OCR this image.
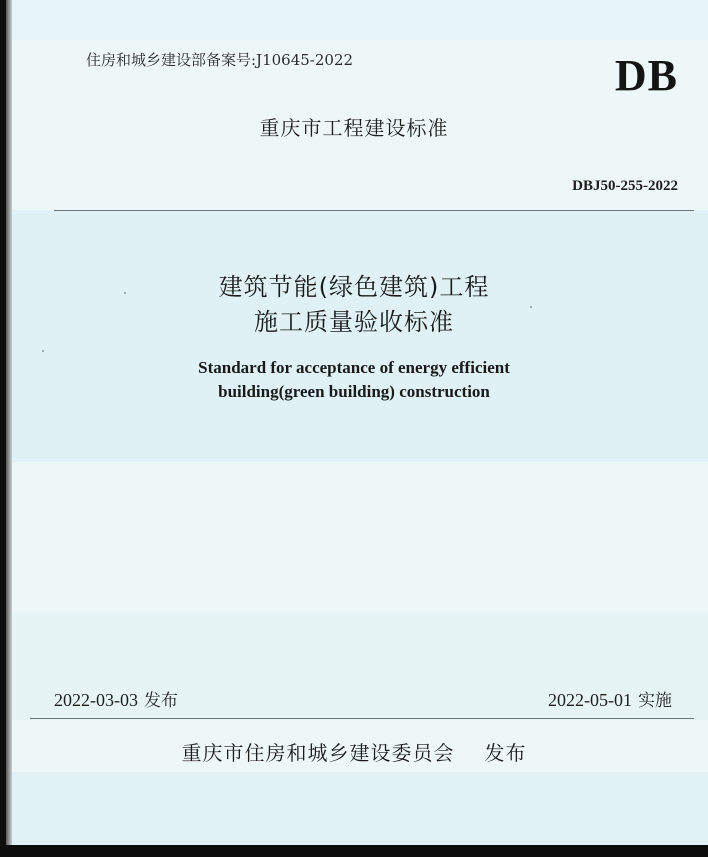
住房和城乡建设部备案号:J10645-2022	DB
重庆市工程建设标准
DBJ50-255-2022
建筑节能(绿色建筑)工程
施工质量验收标准
Standard for acceptance of energy efficient
building(green building) construction
2022-03-03 发布	2022-05-01 实施
重庆市住房和城乡建设委员会 发布
